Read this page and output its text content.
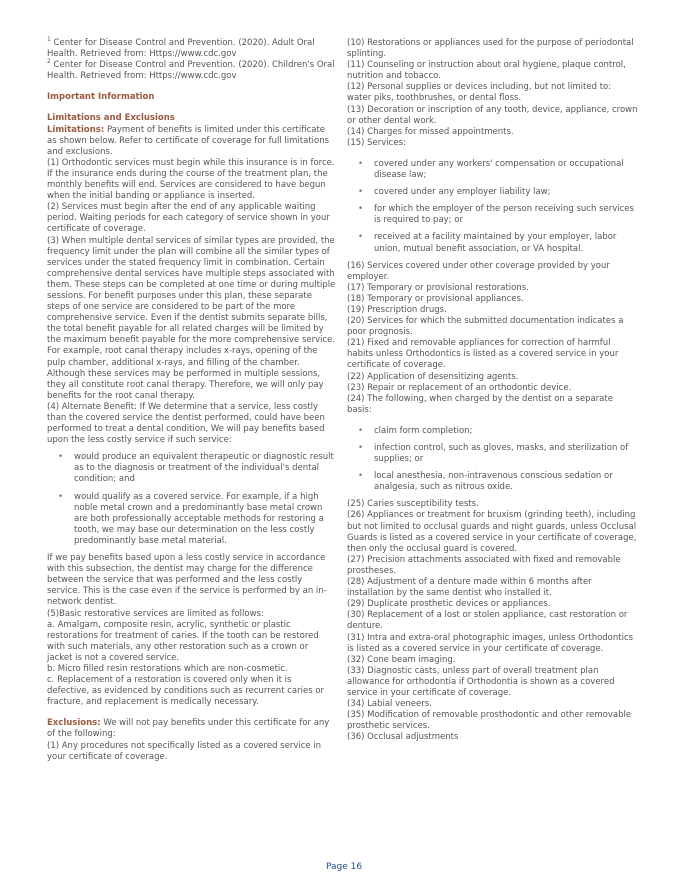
$^1$ Center for Disease Control and Prevention. (2020). Adult Oral Health. Retrieved from: Https://www.cdc.gov

$^2$ Center for Disease Control and Prevention. (2020). Children's Oral Health. Retrieved from: Https://www.cdc.gov

Important Information

Limitations and Exclusions

Limitations: Payment of benefits is limited under this certificate as shown below. Refer to certificate of coverage for full limitations and exclusions.

(1) Orthodontic services must begin while this insurance is in force. If the insurance ends during the course of the treatment plan, the monthly benefits will end. Services are considered to have begun when the initial banding or appliance is inserted.

(2) Services must begin after the end of any applicable waiting period. Waiting periods for each category of service shown in your certificate of coverage.

(3) When multiple dental services of similar types are provided, the frequency limit under the plan will combine all the similar types of services under the stated frequency limit in combination. Certain comprehensive dental services have multiple steps associated with them. These steps can be completed at one time or during multiple sessions. For benefit purposes under this plan, these separate steps of one service are considered to be part of the more comprehensive service. Even if the dentist submits separate bills, the total benefit payable for all related charges will be limited by the maximum benefit payable for the more comprehensive service. For example, root canal therapy includes x-rays, opening of the pulp chamber, additional x-rays, and filling of the chamber. Although these services may be performed in multiple sessions, they all constitute root canal therapy. Therefore, we will only pay benefits for the root canal therapy.

(4) Alternate Benefit: If We determine that a service, less costly than the covered service the dentist performed, could have been performed to treat a dental condition, We will pay benefits based upon the less costly service if such service:

• would produce an equivalent therapeutic or diagnostic result as to the diagnosis or treatment of the individual's dental condition; and
• would qualify as a covered service. For example, if a high noble metal crown and a predominantly base metal crown are both professionally acceptable methods for restoring a tooth, we may base our determination on the less costly predominantly base metal material.

If we pay benefits based upon a less costly service in accordance with this subsection, the dentist may charge for the difference between the service that was performed and the less costly service. This is the case even if the service is performed by an in-network dentist.

(5)Basic restorative services are limited as follows:

a. Amalgam, composite resin, acrylic, synthetic or plastic restorations for treatment of caries. If the tooth can be restored with such materials, any other restoration such as a crown or jacket is not a covered service.

b. Micro filled resin restorations which are non-cosmetic.

c. Replacement of a restoration is covered only when it is defective, as evidenced by conditions such as recurrent caries or fracture, and replacement is medically necessary.

Exclusions: We will not pay benefits under this certificate for any of the following:

(1) Any procedures not specifically listed as a covered service in your certificate of coverage.

(10) Restorations or appliances used for the purpose of periodontal splinting.

(11) Counseling or instruction about oral hygiene, plaque control, nutrition and tobacco.

(12) Personal supplies or devices including, but not limited to: water piks, toothbrushes, or dental floss.

(13) Decoration or inscription of any tooth, device, appliance, crown or other dental work.

(14) Charges for missed appointments.

(15) Services:

• covered under any workers' compensation or occupational disease law;
• covered under any employer liability law;
• for which the employer of the person receiving such services is required to pay; or
• received at a facility maintained by your employer, labor union, mutual benefit association, or VA hospital.

(16) Services covered under other coverage provided by your employer.

(17) Temporary or provisional restorations.

(18) Temporary or provisional appliances.

(19) Prescription drugs.

(20) Services for which the submitted documentation indicates a poor prognosis.

(21) Fixed and removable appliances for correction of harmful habits unless Orthodontics is listed as a covered service in your certificate of coverage.

(22) Application of desensitizing agents.

(23) Repair or replacement of an orthodontic device.

(24) The following, when charged by the dentist on a separate basis:

• claim form completion;
• infection control, such as gloves, masks, and sterilization of supplies; or
• local anesthesia, non-intravenous conscious sedation or analgesia, such as nitrous oxide.

(25) Caries susceptibility tests.

(26) Appliances or treatment for bruxism (grinding teeth), including but not limited to occlusal guards and night guards, unless Occlusal Guards is listed as a covered service in your certificate of coverage, then only the occlusal guard is covered.

(27) Precision attachments associated with fixed and removable prostheses.

(28) Adjustment of a denture made within 6 months after installation by the same dentist who installed it.

(29) Duplicate prosthetic devices or appliances.

(30) Replacement of a lost or stolen appliance, cast restoration or denture.

(31) Intra and extra-oral photographic images, unless Orthodontics is listed as a covered service in your certificate of coverage.

(32) Cone beam imaging.

(33) Diagnostic casts, unless part of overall treatment plan allowance for orthodontia if Orthodontia is shown as a covered service in your certificate of coverage.

(34) Labial veneers.

(35) Modification of removable prosthodontic and other removable prosthetic services.

(36) Occlusal adjustments

Page 16
